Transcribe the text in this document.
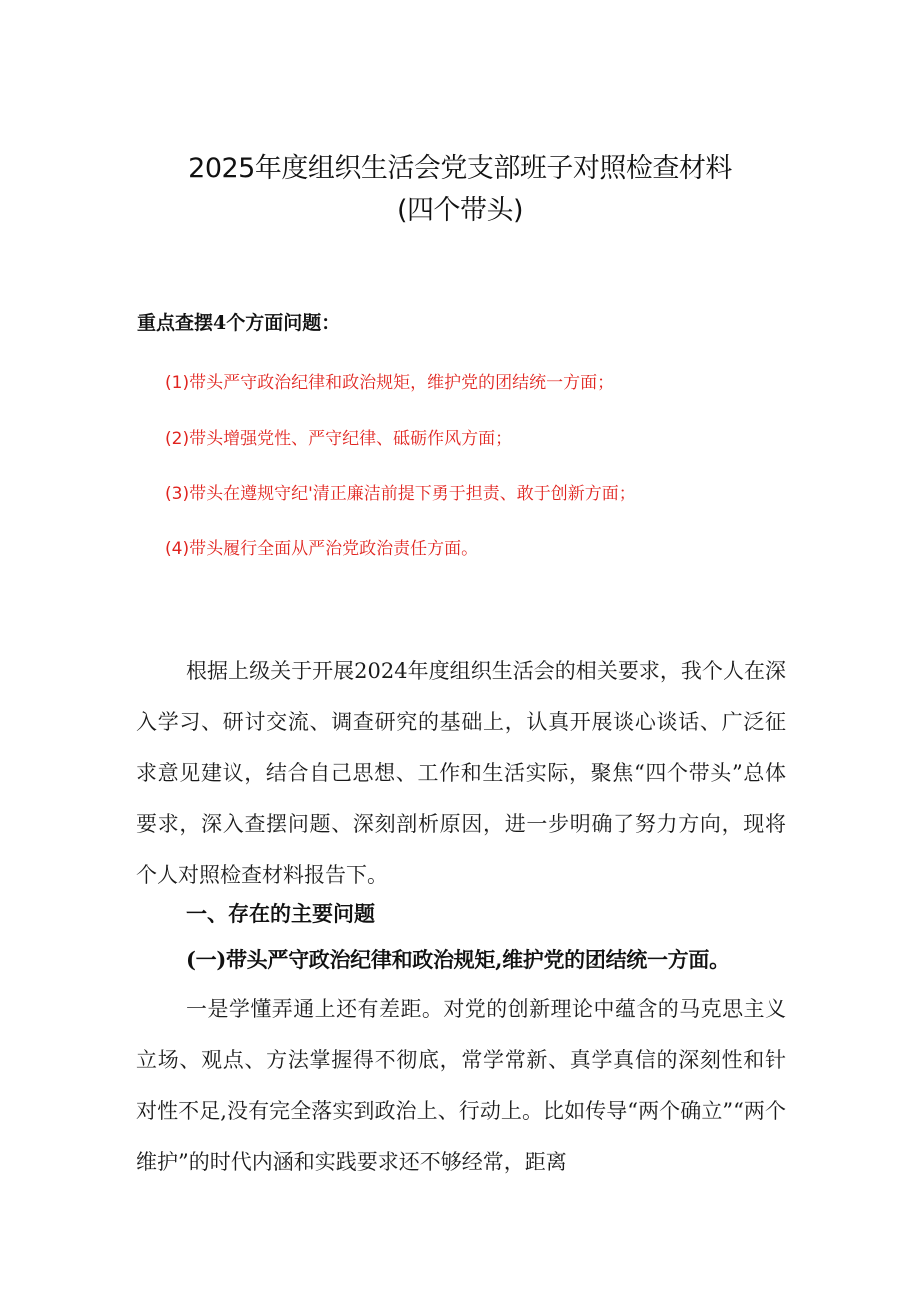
2025年度组织生活会党支部班子对照检查材料
(四个带头)

重点查摆4个方面问题：

(1)带头严守政治纪律和政治规矩，维护党的团结统一方面；

(2)带头增强党性、严守纪律、砥砺作风方面；

(3)带头在遵规守纪'清正廉洁前提下勇于担责、敢于创新方面；

(4)带头履行全面从严治党政治责任方面。

根据上级关于开展2024年度组织生活会的相关要求，我个人在深入学习、研讨交流、调查研究的基础上，认真开展谈心谈话、广泛征求意见建议，结合自己思想、工作和生活实际，聚焦“四个带头”总体要求，深入查摆问题、深刻剖析原因，进一步明确了努力方向，现将个人对照检查材料报告下。

一、存在的主要问题

(一)带头严守政治纪律和政治规矩,维护党的团结统一方面。

一是学懂弄通上还有差距。对党的创新理论中蕴含的马克思主义立场、观点、方法掌握得不彻底，常学常新、真学真信的深刻性和针对性不足,没有完全落实到政治上、行动上。比如传导“两个确立”“两个维护”的时代内涵和实践要求还不够经常，距离
